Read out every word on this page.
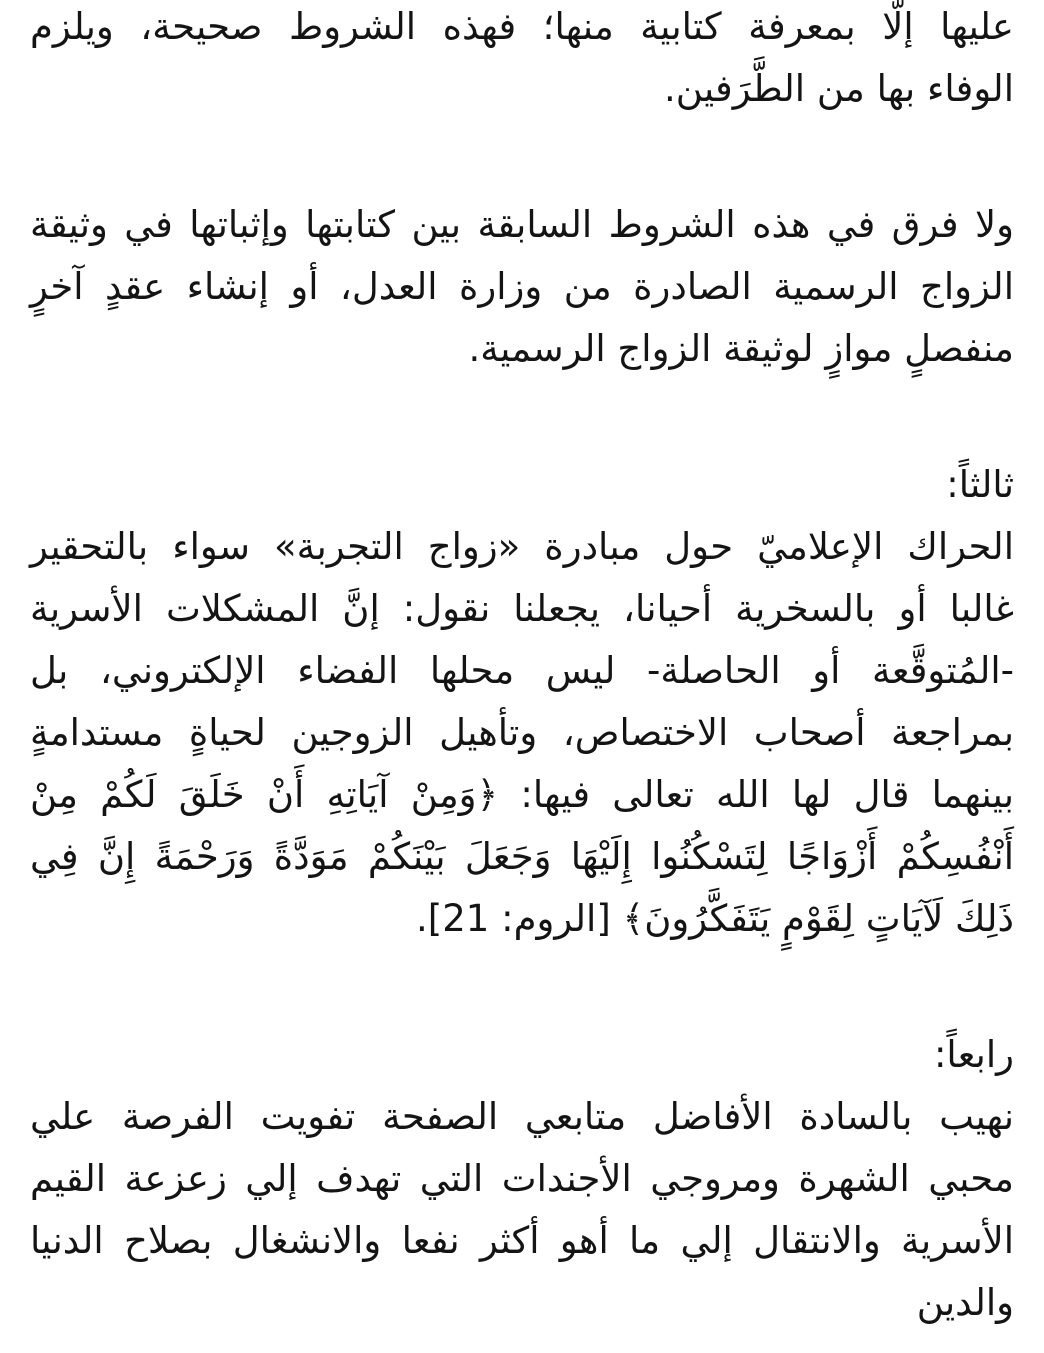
عليها إلّا بمعرفة كتابية منها؛ فهذه الشروط صحيحة، ويلزم
الوفاء بها من الطَّرَفين.
ولا فرق في هذه الشروط السابقة بين كتابتها وإثباتها في وثيقة
الزواج الرسمية الصادرة من وزارة العدل، أو إنشاء عقدٍ آخرٍ
منفصلٍ موازٍ لوثيقة الزواج الرسمية.
ثالثاً:
الحراك الإعلاميّ حول مبادرة «زواج التجربة» سواء بالتحقير
غالبا أو بالسخرية أحيانا، يجعلنا نقول: إنَّ المشكلات الأسرية
-المُتوقَّعة أو الحاصلة- ليس محلها الفضاء الإلكتروني، بل
بمراجعة أصحاب الاختصاص، وتأهيل الزوجين لحياةٍ مستدامةٍ
بينهما قال لها الله تعالى فيها: ﴿وَمِنْ آيَاتِهِ أَنْ خَلَقَ لَكُمْ مِنْ
أَنْفُسِكُمْ أَزْوَاجًا لِتَسْكُنُوا إِلَيْهَا وَجَعَلَ بَيْنَكُمْ مَوَدَّةً وَرَحْمَةً إِنَّ فِي
ذَلِكَ لَآيَاتٍ لِقَوْمٍ يَتَفَكَّرُونَ﴾ [الروم: 21].
رابعاً:
نهيب بالسادة الأفاضل متابعي الصفحة تفويت الفرصة علي
محبي الشهرة ومروجي الأجندات التي تهدف إلي زعزعة القيم
الأسرية والانتقال إلي ما أهو أكثر نفعا والانشغال بصلاح الدنيا
والدين
